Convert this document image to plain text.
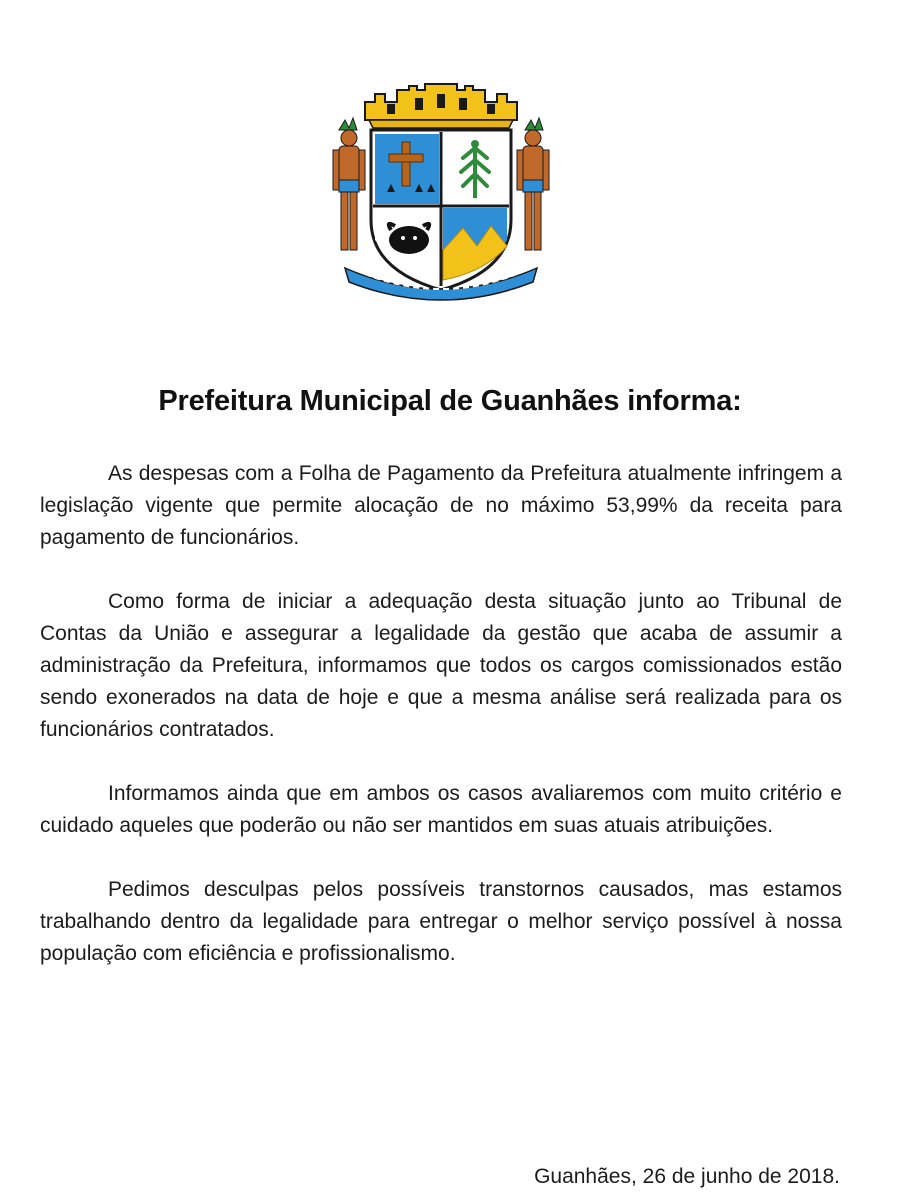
Prefeitura Municipal de Guanhães informa:

As despesas com a Folha de Pagamento da Prefeitura atualmente infringem a legislação vigente que permite alocação de no máximo 53,99% da receita para pagamento de funcionários.

Como forma de iniciar a adequação desta situação junto ao Tribunal de Contas da União e assegurar a legalidade da gestão que acaba de assumir a administração da Prefeitura, informamos que todos os cargos comissionados estão sendo exonerados na data de hoje e que a mesma análise será realizada para os funcionários contratados.

Informamos ainda que em ambos os casos avaliaremos com muito critério e cuidado aqueles que poderão ou não ser mantidos em suas atuais atribuições.

Pedimos desculpas pelos possíveis transtornos causados, mas estamos trabalhando dentro da legalidade para entregar o melhor serviço possível à nossa população com eficiência e profissionalismo.

Guanhães, 26 de junho de 2018.
